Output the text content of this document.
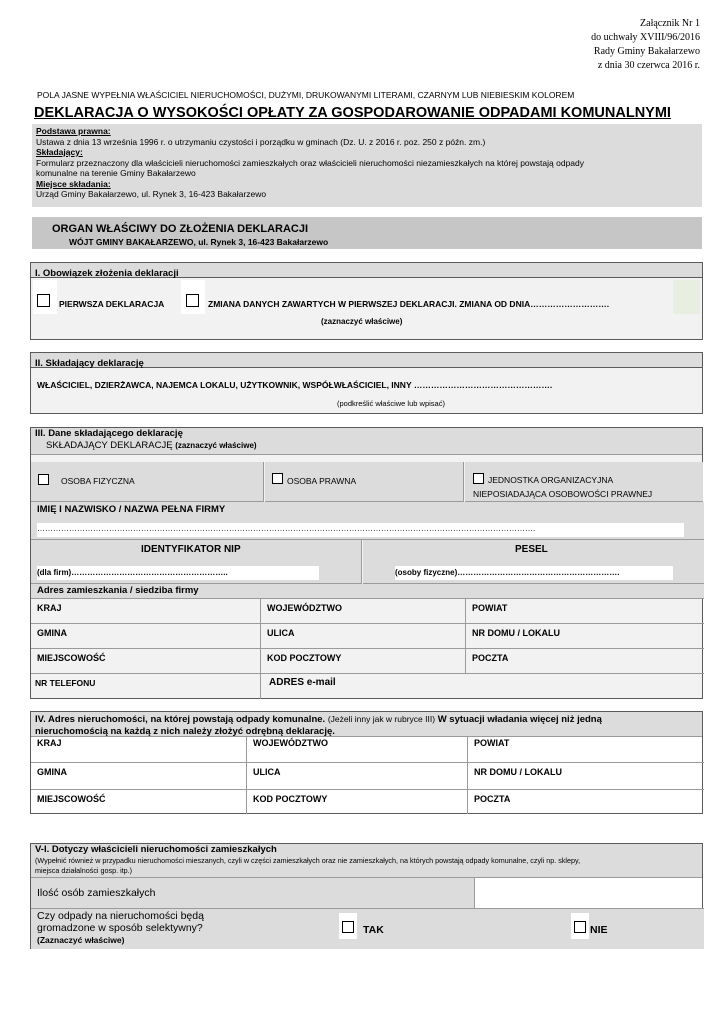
Załącznik Nr 1
do uchwały XVIII/96/2016
Rady Gminy Bakałarzewo
z dnia 30 czerwca 2016 r.
POLA JASNE WYPEŁNIA WŁAŚCICIEL NIERUCHOMOŚCI, DUŻYMI, DRUKOWANYMI LITERAMI, CZARNYM LUB NIEBIESKIM KOLOREM
DEKLARACJA O WYSOKOŚCI OPŁATY ZA GOSPODAROWANIE ODPADAMI KOMUNALNYMI
Podstawa prawna:
Ustawa z dnia 13 września 1996 r. o utrzymaniu czystości i porządku w gminach (Dz. U. z 2016 r. poz. 250 z późn. zm.)
Składający:
Formularz przeznaczony dla właścicieli nieruchomości zamieszkałych oraz właścicieli nieruchomości niezamieszkałych na której powstają odpady
komunalne na terenie Gminy Bakałarzewo
Miejsce składania:
Urząd Gminy Bakałarzewo, ul. Rynek 3, 16-423 Bakałarzewo
ORGAN WŁAŚCIWY DO ZŁOŻENIA DEKLARACJI
WÓJT GMINY BAKAŁARZEWO, ul. Rynek 3, 16-423 Bakałarzewo
I. Obowiązek złożenia deklaracji
PIERWSZA DEKLARACJA	ZMIANA DANYCH ZAWARTYCH W PIERWSZEJ DEKLARACJI. ZMIANA OD DNIA……………………….
(zaznaczyć właściwe)
II. Składający deklarację
WŁAŚCICIEL, DZIERŻAWCA, NAJEMCA LOKALU, UŻYTKOWNIK, WSPÓŁWŁAŚCICIEL, INNY ………………………………………….
(podkreślić właściwe lub wpisać)
III. Dane składającego deklarację
SKŁADAJĄCY DEKLARACJĘ (zaznaczyć właściwe)
OSOBA FIZYCZNA	OSOBA PRAWNA	JEDNOSTKA ORGANIZACYJNA
NIEPOSIADAJĄCA OSOBOWOŚCI PRAWNEJ
IMIĘ I NAZWISKO / NAZWA PEŁNA FIRMY
…………………………………………………………………………………………………………………………………………………………………….
IDENTYFIKATOR NIP
(dla firm)…………………………………………………..
PESEL
(osoby fizyczne)…………………………………………………….
Adres zamieszkania / siedziba firmy
KRAJ	WOJEWÓDZTWO	POWIAT
GMINA	ULICA	NR DOMU / LOKALU
MIEJSCOWOŚĆ	KOD POCZTOWY	POCZTA
NR TELEFONU	ADRES e-mail
IV. Adres nieruchomości, na której powstają odpady komunalne. (Jeżeli inny jak w rubryce III) W sytuacji władania więcej niż jedną
nieruchomością na każdą z nich należy złożyć odrębną deklarację.
KRAJ	WOJEWÓDZTWO	POWIAT
GMINA	ULICA	NR DOMU / LOKALU
MIEJSCOWOŚĆ	KOD POCZTOWY	POCZTA
V-I. Dotyczy właścicieli nieruchomości zamieszkałych
(Wypełnić również w przypadku nieruchomości mieszanych, czyli w części zamieszkałych oraz nie zamieszkałych, na których powstają odpady komunalne, czyli np. sklepy,
miejsca działalności gosp. itp.)
Ilość osób zamieszkałych
Czy odpady na nieruchomości będą
gromadzone w sposób selektywny?
(Zaznaczyć właściwe)
TAK	NIE
